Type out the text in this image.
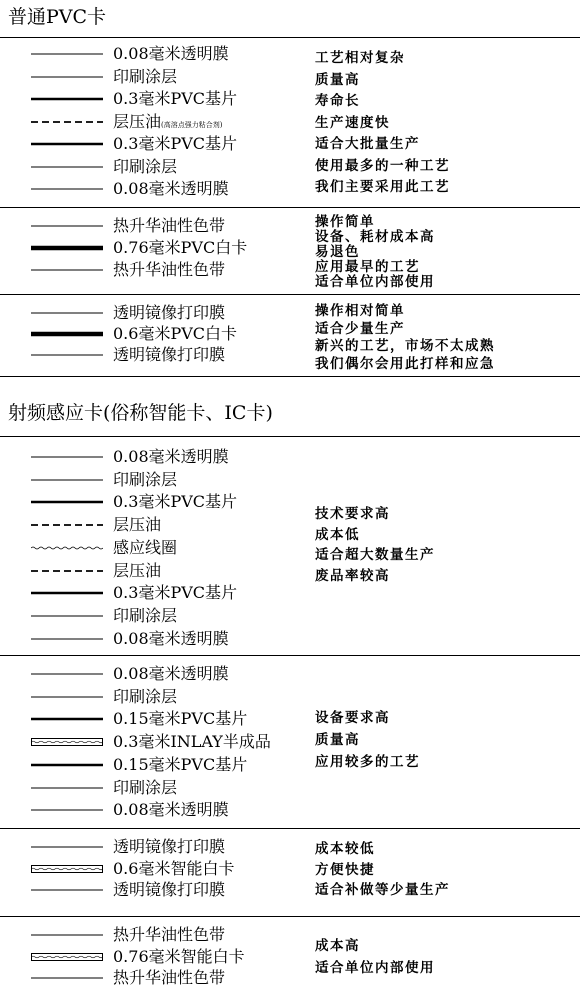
普通PVC卡
0.08毫米透明膜
印刷涂层
0.3毫米PVC基片
层压油(高溶点强力粘合剂)
0.3毫米PVC基片
印刷涂层
0.08毫米透明膜
工艺相对复杂
质量高
寿命长
生产速度快
适合大批量生产
使用最多的一种工艺
我们主要采用此工艺
热升华油性色带
0.76毫米PVC白卡
热升华油性色带
操作简单
设备、耗材成本高
易退色
应用最早的工艺
适合单位内部使用
透明镜像打印膜
0.6毫米PVC白卡
透明镜像打印膜
操作相对简单
适合少量生产
新兴的工艺，市场不太成熟
我们偶尔会用此打样和应急
射频感应卡(俗称智能卡、IC卡)
0.08毫米透明膜
印刷涂层
0.3毫米PVC基片
层压油
感应线圈
层压油
0.3毫米PVC基片
印刷涂层
0.08毫米透明膜
技术要求高
成本低
适合超大数量生产
废品率较高
0.08毫米透明膜
印刷涂层
0.15毫米PVC基片
0.3毫米INLAY半成品
0.15毫米PVC基片
印刷涂层
0.08毫米透明膜
设备要求高
质量高
应用较多的工艺
透明镜像打印膜
0.6毫米智能白卡
透明镜像打印膜
成本较低
方便快捷
适合补做等少量生产
热升华油性色带
0.76毫米智能白卡
热升华油性色带
成本高
适合单位内部使用
